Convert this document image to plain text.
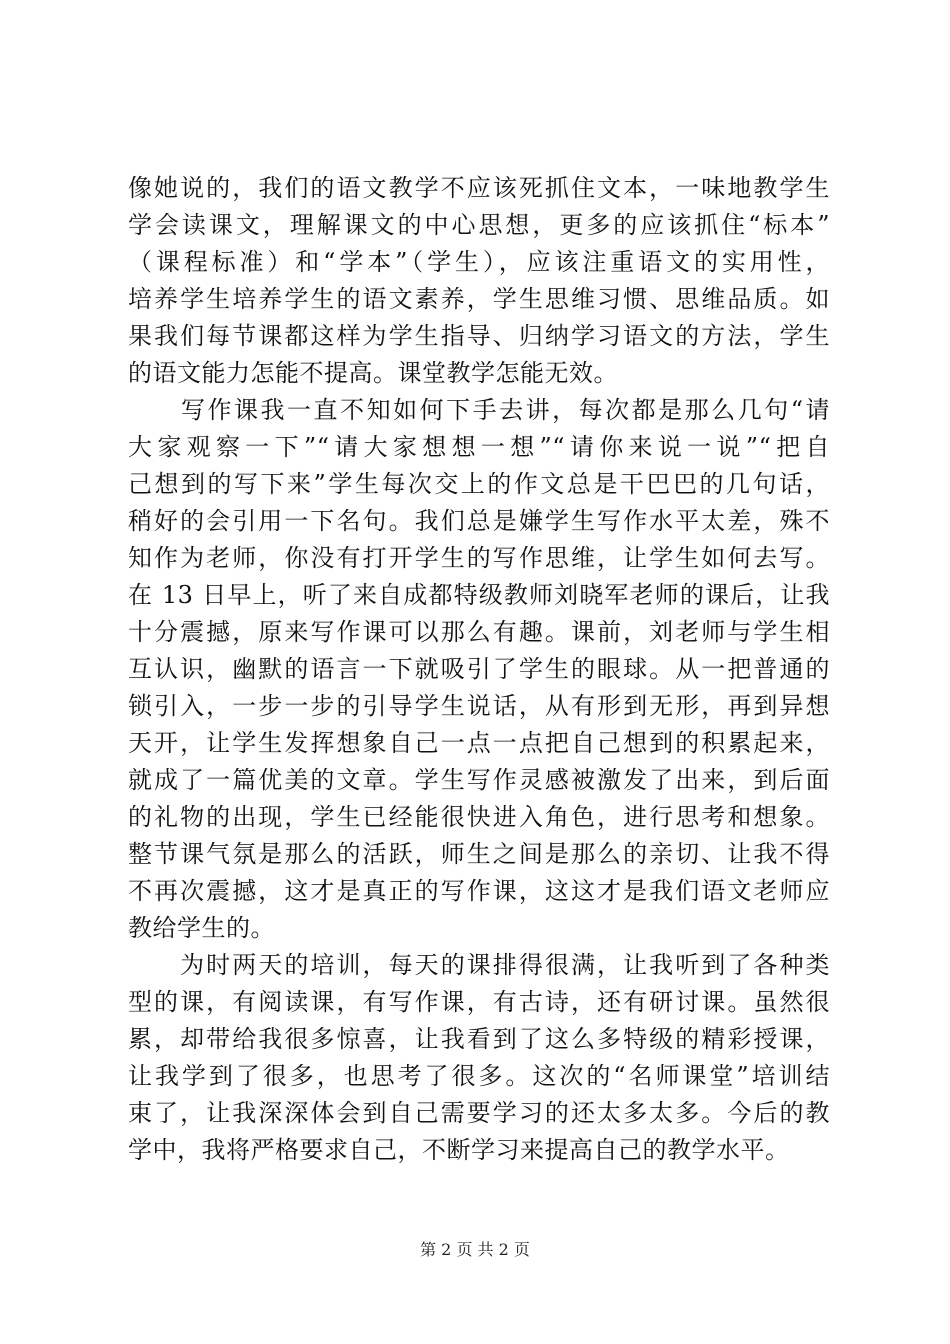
像她说的，我们的语文教学不应该死抓住文本，一味地教学生
学会读课文，理解课文的中心思想，更多的应该抓住“标本”
（课程标准）和“学本”（学生），应该注重语文的实用性，
培养学生培养学生的语文素养，学生思维习惯、思维品质。如
果我们每节课都这样为学生指导、归纳学习语文的方法，学生
的语文能力怎能不提高。课堂教学怎能无效。
　　写作课我一直不知如何下手去讲，每次都是那么几句“请
大家观察一下”“请大家想想一想”“请你来说一说”“把自
己想到的写下来”学生每次交上的作文总是干巴巴的几句话，
稍好的会引用一下名句。我们总是嫌学生写作水平太差，殊不
知作为老师，你没有打开学生的写作思维，让学生如何去写。
在 13 日早上，听了来自成都特级教师刘晓军老师的课后，让我
十分震撼，原来写作课可以那么有趣。课前，刘老师与学生相
互认识，幽默的语言一下就吸引了学生的眼球。从一把普通的
锁引入，一步一步的引导学生说话，从有形到无形，再到异想
天开，让学生发挥想象自己一点一点把自己想到的积累起来，
就成了一篇优美的文章。学生写作灵感被激发了出来，到后面
的礼物的出现，学生已经能很快进入角色，进行思考和想象。
整节课气氛是那么的活跃，师生之间是那么的亲切、让我不得
不再次震撼，这才是真正的写作课，这这才是我们语文老师应
教给学生的。
　　为时两天的培训，每天的课排得很满，让我听到了各种类
型的课，有阅读课，有写作课，有古诗，还有研讨课。虽然很
累，却带给我很多惊喜，让我看到了这么多特级的精彩授课，
让我学到了很多，也思考了很多。这次的“名师课堂”培训结
束了，让我深深体会到自己需要学习的还太多太多。今后的教
学中，我将严格要求自己，不断学习来提高自己的教学水平。
第 2 页 共 2 页
